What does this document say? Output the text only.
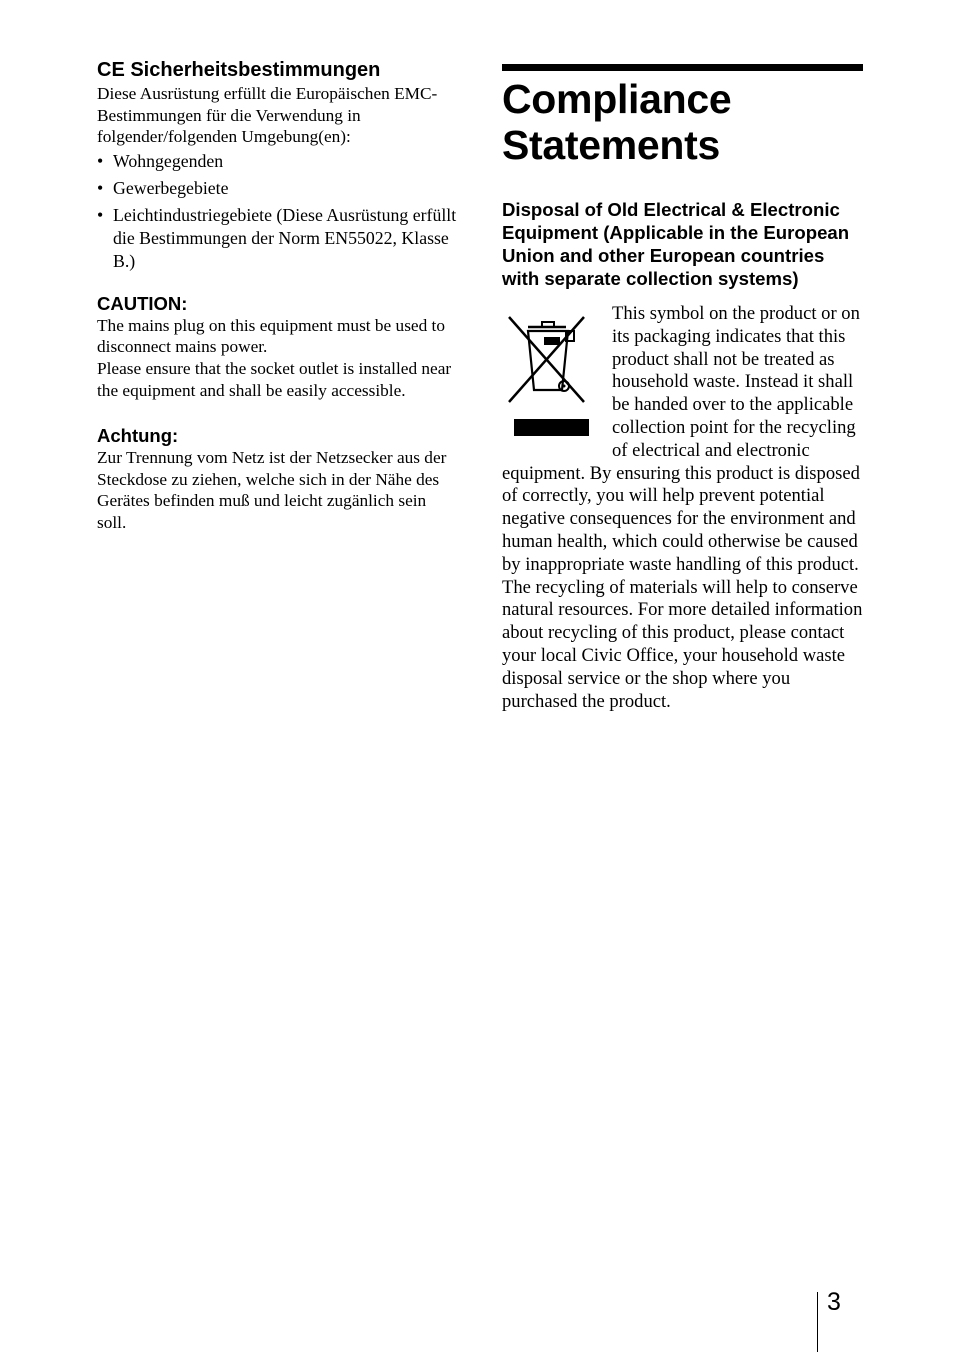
CE Sicherheitsbestimmungen

Diese Ausrüstung erfüllt die Europäischen EMC-Bestimmungen für die Verwendung in folgender/folgenden Umgebung(en):

• Wohngegenden
• Gewerbegebiete
• Leichtindustriegebiete (Diese Ausrüstung erfüllt die Bestimmungen der Norm EN55022, Klasse B.)
CAUTION:

The mains plug on this equipment must be used to disconnect mains power.

Please ensure that the socket outlet is installed near the equipment and shall be easily accessible.

Achtung:

Zur Trennung vom Netz ist der Netzsecker aus der Steckdose zu ziehen, welche sich in der Nähe des Gerätes befinden muß und leicht zugänlich sein soll.

Compliance Statements
Disposal of Old Electrical & Electronic Equipment (Applicable in the European Union and other European countries with separate collection systems)

This symbol on the product or on its packaging indicates that this product shall not be treated as household waste. Instead it shall be handed over to the applicable collection point for the recycling of electrical and electronic equipment. By ensuring this product is disposed of correctly, you will help prevent potential negative consequences for the environment and human health, which could otherwise be caused by inappropriate waste handling of this product. The recycling of materials will help to conserve natural resources. For more detailed information about recycling of this product, please contact your local Civic Office, your household waste disposal service or the shop where you purchased the product.

3
